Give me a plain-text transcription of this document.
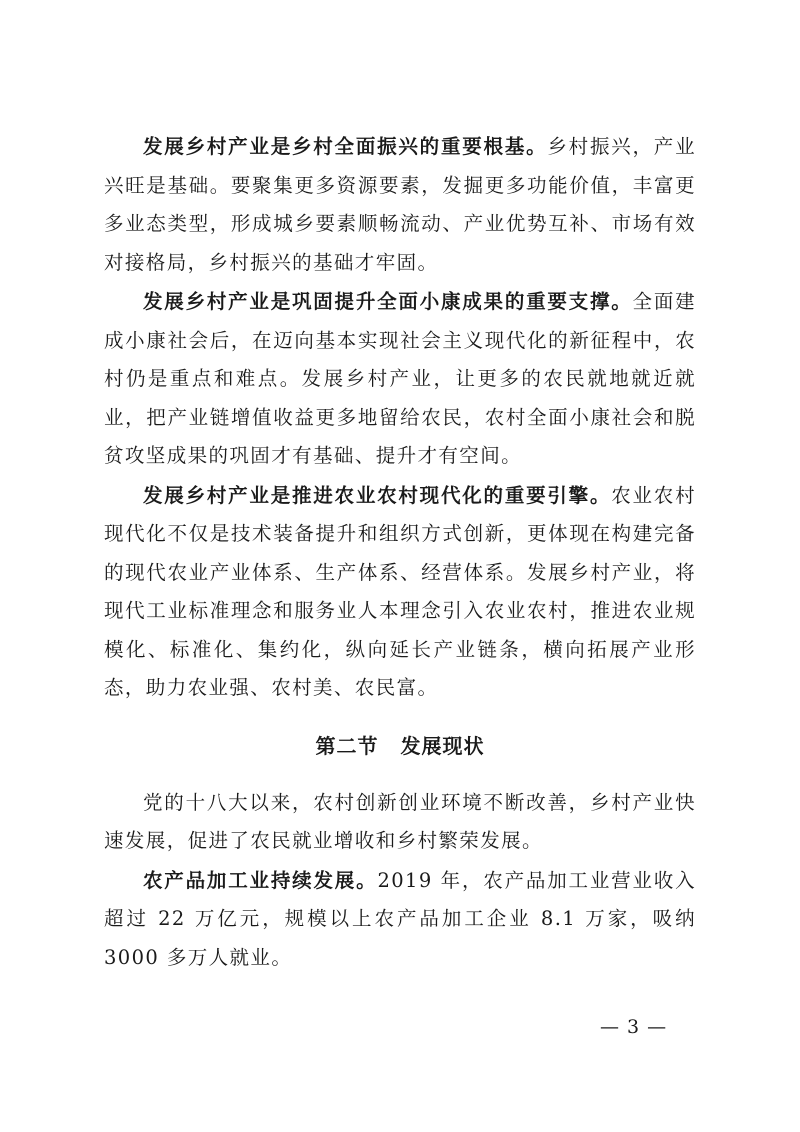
发展乡村产业是乡村全面振兴的重要根基。乡村振兴，产业兴旺是基础。要聚集更多资源要素，发掘更多功能价值，丰富更多业态类型，形成城乡要素顺畅流动、产业优势互补、市场有效对接格局，乡村振兴的基础才牢固。

发展乡村产业是巩固提升全面小康成果的重要支撑。全面建成小康社会后，在迈向基本实现社会主义现代化的新征程中，农村仍是重点和难点。发展乡村产业，让更多的农民就地就近就业，把产业链增值收益更多地留给农民，农村全面小康社会和脱贫攻坚成果的巩固才有基础、提升才有空间。

发展乡村产业是推进农业农村现代化的重要引擎。农业农村现代化不仅是技术装备提升和组织方式创新，更体现在构建完备的现代农业产业体系、生产体系、经营体系。发展乡村产业，将现代工业标准理念和服务业人本理念引入农业农村，推进农业规模化、标准化、集约化，纵向延长产业链条，横向拓展产业形态，助力农业强、农村美、农民富。

第二节 发展现状

党的十八大以来，农村创新创业环境不断改善，乡村产业快速发展，促进了农民就业增收和乡村繁荣发展。

农产品加工业持续发展。2019 年，农产品加工业营业收入超过 22 万亿元，规模以上农产品加工企业 8.1 万家，吸纳 3000 多万人就业。

— 3 —
